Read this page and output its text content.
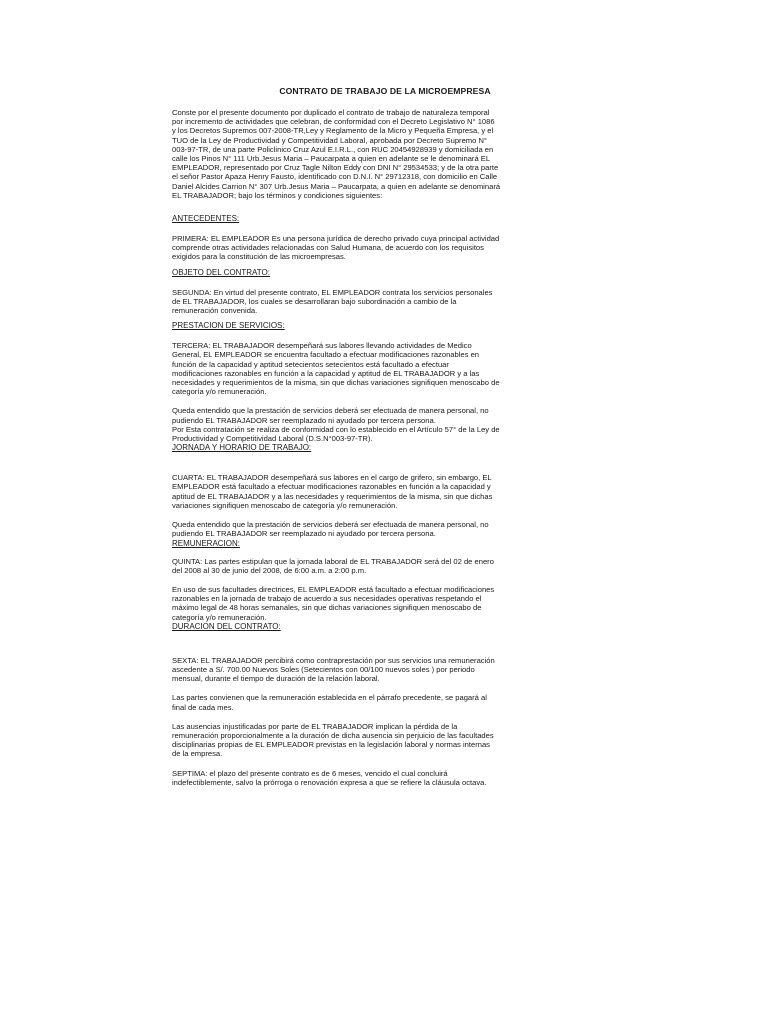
CONTRATO DE TRABAJO DE LA MICROEMPRESA

Conste por el presente documento por duplicado el contrato de trabajo de naturaleza temporal
por incremento de actividades que celebran, de conformidad con el Decreto Legislativo N° 1086
y los Decretos Supremos 007-2008-TR,Ley y Reglamento de la Micro y Pequeña Empresa, y el
TUO de la Ley de Productividad y Competitividad Laboral, aprobada por Decreto Supremo N°
003-97-TR, de una parte Policlinico Cruz Azul E.I.R.L., con RUC 20454928939 y domiciliada en
calle los Pinos N° 111 Urb.Jesus Maria – Paucarpata a quien en adelante se le denominará EL
EMPLEADOR, representado por Cruz Tagle Nilton Eddy con DNI N° 29534533; y de la otra parte
el señor Pastor Apaza Henry Fausto, identificado con D.N.I. N° 29712318, con domicilio en Calle
Daniel Alcides Carrion N° 307 Urb.Jesus Maria – Paucarpata, a quien en adelante se denominará
EL TRABAJADOR; bajo los términos y condiciones siguientes:

ANTECEDENTES:

PRIMERA: EL EMPLEADOR Es una persona jurídica de derecho privado cuya principal actividad
comprende otras actividades relacionadas con Salud Humana, de acuerdo con los requisitos
exigidos para la constitución de las microempresas.

OBJETO DEL CONTRATO:

SEGUNDA: En virtud del presente contrato, EL EMPLEADOR contrata los servicios personales
de EL TRABAJADOR, los cuales se desarrollaran bajo subordinación a cambio de la
remuneración convenida.

PRESTACION DE SERVICIOS:

TERCERA: EL TRABAJADOR desempeñará sus labores llevando actividades de Medico
General, EL EMPLEADOR se encuentra facultado a efectuar modificaciones razonables en
función de la capacidad y aptitud setecientos setecientos está facultado a efectuar
modificaciones razonables en función a la capacidad y aptitud de EL TRABAJADOR y a las
necesidades y requerimientos de la misma, sin que dichas variaciones signifiquen menoscabo de
categoría y/o remuneración.

Queda entendido que la prestación de servicios deberá ser efectuada de manera personal, no
pudiendo EL TRABAJADOR ser reemplazado ni ayudado por tercera persona.
Por Esta contratación se realiza de conformidad con lo establecido en el Artículo 57° de la Ley de
Productividad y Competitividad Laboral (D.S.N°003-97-TR).

JORNADA Y HORARIO DE TRABAJO:

CUARTA: EL TRABAJADOR desempeñará sus labores en el cargo de grifero, sin embargo, EL
EMPLEADOR está facultado a efectuar modificaciones razonables en función a la capacidad y
aptitud de EL TRABAJADOR y a las necesidades y requerimientos de la misma, sin que dichas
variaciones signifiquen menoscabo de categoría y/o remuneración.

Queda entendido que la prestación de servicios deberá ser efectuada de manera personal, no
pudiendo EL TRABAJADOR ser reemplazado ni ayudado por tercera persona.

REMUNERACION:

QUINTA: Las partes estipulan que la jornada laboral de EL TRABAJADOR será del 02 de enero
del 2008 al 30 de junio del 2008, de 6:00 a.m. a 2:00 p.m.

En uso de sus facultades directrices, EL EMPLEADOR está facultado a efectuar modificaciones
razonables en la jornada de trabajo de acuerdo a sus necesidades operativas respetando el
máximo legal de 48 horas semanales, sin que dichas variaciones signifiquen menoscabo de
categoría y/o remuneración.

DURACION DEL CONTRATO:

SEXTA: EL TRABAJADOR percibirá como contraprestación por sus servicios una remuneración
ascedente a S/. 700.00 Nuevos Soles (Setecientos con 00/100 nuevos soles ) por periodo
mensual, durante el tiempo de duración de la relación laboral.

Las partes convienen que la remuneración establecida en el párrafo precedente, se pagará al
final de cada mes.

Las ausencias injustificadas por parte de EL TRABAJADOR implican la pérdida de la
remuneración proporcionalmente a la duración de dicha ausencia sin perjuicio de las facultades
disciplinarias propias de EL EMPLEADOR previstas en la legislación laboral y normas internas
de la empresa.

SEPTIMA: el plazo del presente contrato es de 6 meses, vencido el cual concluirá
indefectiblemente, salvo la prórroga o renovación expresa a que se refiere la cláusula octava.
